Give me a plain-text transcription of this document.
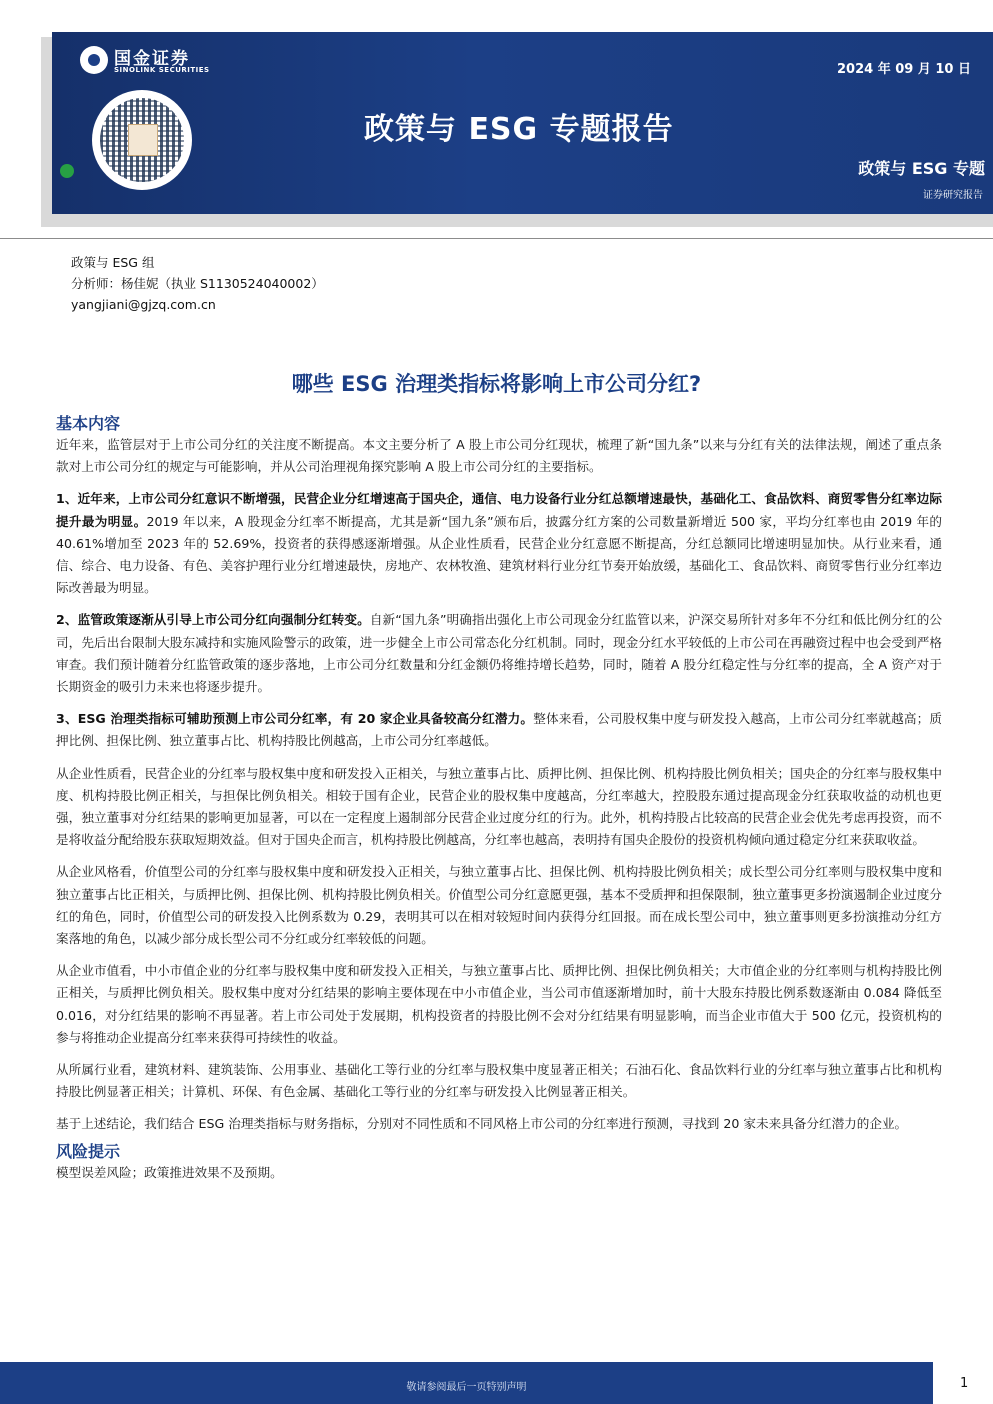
国金证券
SINOLINK SECURITIES	2024 年 09 月 10 日
政策与 ESG 专题报告
政策与 ESG 专题
证券研究报告
政策与 ESG 组
分析师：杨佳妮（执业 S1130524040002）
yangjiani@gjzq.com.cn
哪些 ESG 治理类指标将影响上市公司分红?
基本内容

近年来，监管层对于上市公司分红的关注度不断提高。本文主要分析了 A 股上市公司分红现状，梳理了新“国九条”以来与分红有关的法律法规，阐述了重点条款对上市公司分红的规定与可能影响，并从公司治理视角探究影响 A 股上市公司分红的主要指标。

1、近年来，上市公司分红意识不断增强，民营企业分红增速高于国央企，通信、电力设备行业分红总额增速最快，基础化工、食品饮料、商贸零售分红率边际提升最为明显。2019 年以来，A 股现金分红率不断提高，尤其是新“国九条”颁布后，披露分红方案的公司数量新增近 500 家，平均分红率也由 2019 年的 40.61%增加至 2023 年的 52.69%，投资者的获得感逐渐增强。从企业性质看，民营企业分红意愿不断提高，分红总额同比增速明显加快。从行业来看，通信、综合、电力设备、有色、美容护理行业分红增速最快，房地产、农林牧渔、建筑材料行业分红节奏开始放缓，基础化工、食品饮料、商贸零售行业分红率边际改善最为明显。

2、监管政策逐渐从引导上市公司分红向强制分红转变。自新“国九条”明确指出强化上市公司现金分红监管以来，沪深交易所针对多年不分红和低比例分红的公司，先后出台限制大股东减持和实施风险警示的政策，进一步健全上市公司常态化分红机制。同时，现金分红水平较低的上市公司在再融资过程中也会受到严格审查。我们预计随着分红监管政策的逐步落地，上市公司分红数量和分红金额仍将维持增长趋势，同时，随着 A 股分红稳定性与分红率的提高，全 A 资产对于长期资金的吸引力未来也将逐步提升。

3、ESG 治理类指标可辅助预测上市公司分红率，有 20 家企业具备较高分红潜力。整体来看，公司股权集中度与研发投入越高，上市公司分红率就越高；质押比例、担保比例、独立董事占比、机构持股比例越高，上市公司分红率越低。

从企业性质看，民营企业的分红率与股权集中度和研发投入正相关，与独立董事占比、质押比例、担保比例、机构持股比例负相关；国央企的分红率与股权集中度、机构持股比例正相关，与担保比例负相关。相较于国有企业，民营企业的股权集中度越高，分红率越大，控股股东通过提高现金分红获取收益的动机也更强，独立董事对分红结果的影响更加显著，可以在一定程度上遏制部分民营企业过度分红的行为。此外，机构持股占比较高的民营企业会优先考虑再投资，而不是将收益分配给股东获取短期效益。但对于国央企而言，机构持股比例越高，分红率也越高，表明持有国央企股份的投资机构倾向通过稳定分红来获取收益。

从企业风格看，价值型公司的分红率与股权集中度和研发投入正相关，与独立董事占比、担保比例、机构持股比例负相关；成长型公司分红率则与股权集中度和独立董事占比正相关，与质押比例、担保比例、机构持股比例负相关。价值型公司分红意愿更强，基本不受质押和担保限制，独立董事更多扮演遏制企业过度分红的角色，同时，价值型公司的研发投入比例系数为 0.29，表明其可以在相对较短时间内获得分红回报。而在成长型公司中，独立董事则更多扮演推动分红方案落地的角色，以减少部分成长型公司不分红或分红率较低的问题。

从企业市值看，中小市值企业的分红率与股权集中度和研发投入正相关，与独立董事占比、质押比例、担保比例负相关；大市值企业的分红率则与机构持股比例正相关，与质押比例负相关。股权集中度对分红结果的影响主要体现在中小市值企业，当公司市值逐渐增加时，前十大股东持股比例系数逐渐由 0.084 降低至 0.016，对分红结果的影响不再显著。若上市公司处于发展期，机构投资者的持股比例不会对分红结果有明显影响，而当企业市值大于 500 亿元，投资机构的参与将推动企业提高分红率来获得可持续性的收益。

从所属行业看，建筑材料、建筑装饰、公用事业、基础化工等行业的分红率与股权集中度显著正相关；石油石化、食品饮料行业的分红率与独立董事占比和机构持股比例显著正相关；计算机、环保、有色金属、基础化工等行业的分红率与研发投入比例显著正相关。

基于上述结论，我们结合 ESG 治理类指标与财务指标，分别对不同性质和不同风格上市公司的分红率进行预测，寻找到 20 家未来具备分红潜力的企业。

风险提示

模型误差风险；政策推进效果不及预期。

敬请参阅最后一页特别声明	1
